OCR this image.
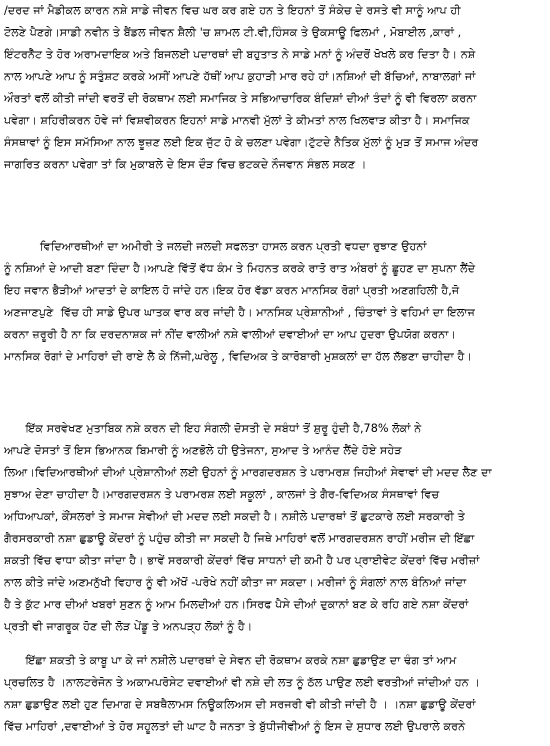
/ਦਰਦ ਜਾਂ ਮੈਡੀਕਲ ਕਾਰਨ ਨਸ਼ੇ ਸਾਡੇ ਜੀਵਨ ਵਿਚ ਘਰ ਕਰ ਗਏ ਹਨ ਤੇ ਇਹਨਾਂ ਤੋਂ ਸੰਕੇਚ ਦੇ ਰਸਤੇ ਵੀ ਸਾਨੂੰ ਆਪ ਹੀ
ਟੋਲਣੇ ਪੈਣਗੇ।ਸਾਡੀ ਨਵੀਨ ਤੇ ਬੈਂਡਲ ਜੀਵਨ ਸ਼ੈਲੀ 'ਚ ਸ਼ਾਮਲ ਟੀ.ਵੀ,ਹਿੰਸਕ ਤੇ ਉਕਸਾਊ ਫਿਲਮਾਂ , ਮੋਬਾਈਲ ,ਕਾਰਾਂ ,
ਇੰਟਰਨੈੱਟ ਤੇ ਹੋਰ ਅਰਾਮਦਾਇਕ ਅਤੇ ਬਿਜਲਈ ਪਦਾਰਥਾਂ ਦੀ ਬਹੁਤਾਤ ਨੇ ਸਾਡੇ ਮਨਾਂ ਨੂੰ ਅੰਦਰੋਂ ਖੋਖਲੇ ਕਰ ਦਿਤਾ ਹੈ। ਨਸ਼ੇ
ਨਾਲ ਆਪਣੇ ਆਪ ਨੂੰ ਸਤੁੰਸ਼ਟ ਕਰਕੇ ਅਸੀਂ ਆਪਣੇ ਹੱਥੀਂ ਆਪ ਕੁਹਾੜੀ ਮਾਰ ਰਹੇ ਹਾਂ।ਨਸ਼ਿਆਂ ਦੀ ਬੱਚਿਆਂ, ਨਾਬਾਲਗਾਂ ਜਾਂ
ਔਰਤਾਂ ਵਲੋਂ ਕੀਤੀ ਜਾਂਦੀ ਵਰਤੋਂ ਦੀ ਰੋਕਥਾਮ ਲਈ ਸਮਾਜਿਕ ਤੇ ਸਭਿਆਚਾਰਿਕ ਬੰਦਿਸ਼ਾਂ ਦੀਆਂ ਤੰਦਾਂ ਨੂੰ ਵੀ ਵਿਰਲਾ ਕਰਨਾ
ਪਵੇਗਾ। ਸ਼ਹਿਰੀਕਰਨ ਹੋਵੇ ਜਾਂ ਵਿਸ਼ਵੀਕਰਨ ਇਹਨਾਂ ਸਾਡੇ ਮਾਨਵੀ ਮੁੱਲਾਂ ਤੇ ਕੀਮਤਾਂ ਨਾਲ ਖਿਲਵਾੜ ਕੀਤਾ ਹੈ। ਸਮਾਜਿਕ
ਸੰਸਥਾਵਾਂ ਨੂੰ ਇਸ ਸਮੱਸਿਆ ਨਾਲ ਝੂਜ਼ਣ ਲਈ ਇਕ ਜੁੱਟ ਹੋ ਕੇ ਚਲਣਾ ਪਵੇਗਾ।ਟੁੱਟਦੇ ਨੈਤਿਕ ਮੁੱਲਾਂ ਨੂੰ ਮੁੜ ਤੋਂ ਸਮਾਜ ਅੰਦਰ
ਜਾਗਰਿਤ ਕਰਨਾ ਪਵੇਗਾ ਤਾਂ ਕਿ ਮੁਕਾਬਲੇ ਦੇ ਇਸ ਦੌੜ ਵਿਚ ਭਟਕਦੇ ਨੌਜਵਾਨ ਸੰਭਲ ਸਕਣ ।
ਵਿਦਿਆਰਥੀਆਂ ਦਾ ਅਮੀਰੀ ਤੇ ਜਲਦੀ ਜਲਦੀ ਸਫਲਤਾ ਹਾਸਲ ਕਰਨ ਪ੍ਰਤੀ ਵਧਦਾ ਰੁਝਾਣ ਉਹਨਾਂ
ਨੂੰ ਨਸ਼ਿਆਂ ਦੇ ਆਦੀ ਬਣਾ ਦਿੰਦਾ ਹੈ।ਆਪਣੇ ਵਿੱਤੋਂ ਵੱਧ ਕੰਮ ਤੇ ਮਿਹਨਤ ਕਰਕੇ ਰਾਤੋ ਰਾਤ ਅੰਬਰਾਂ ਨੂੰ ਛੂਹਣ ਦਾ ਸੁਪਨਾ ਲੈਂਦੇ
ਇਹ ਜਵਾਨ ਭੈੜੀਆਂ ਆਦਤਾਂ ਦੇ ਕਾਇਲ ਹੋ ਜਾਂਦੇ ਹਨ।ਇਕ ਹੋਰ ਵੱਡਾ ਕਰਨ ਮਾਨਸਿਕ ਰੋਗਾਂ ਪ੍ਰਤੀ ਅਣਗਹਿਲੀ ਹੈ,ਜੋ
ਅਣਜਾਣਪੁਣੇ  ਵਿੱਚ ਹੀ ਸਾਡੇ ਉਪਰ ਘਾਤਕ ਵਾਰ ਕਰ ਜਾਂਦੀ ਹੈ। ਮਾਨਸਿਕ ਪ੍ਰੇਸ਼ਾਨੀਆਂ , ਚਿੰਤਾਵਾਂ ਤੇ ਵਹਿਮਾਂ ਦਾ ਇਲਾਜ
ਕਰਨਾ ਜ਼ਰੂਰੀ ਹੈ ਨਾ ਕਿ ਦਰਦਨਾਸ਼ਕ ਜਾਂ ਨੀਂਦ ਵਾਲੀਆਂ ਨਸ਼ੇ ਵਾਲੀਆਂ ਦਵਾਈਆਂ ਦਾ ਆਪ ਹੁਦਰਾ ਉਪਯੋਗ ਕਰਨਾ।
ਮਾਨਸਿਕ ਰੋਗਾਂ ਦੇ ਮਾਹਿਰਾਂ ਦੀ ਰਾਏ ਲੈ ਕੇ ਨਿੱਜੀ,ਘਰੇਲੂ , ਵਿਦਿਅਕ ਤੇ ਕਾਰੋਬਾਰੀ ਮੁਸ਼ਕਲਾਂ ਦਾ ਹੱਲ ਲੱਭਣਾ ਚਾਹੀਦਾ ਹੈ।
ਇੱਕ ਸਰਵੇਖਣ ਮੁਤਾਬਿਕ ਨਸ਼ੇ ਕਰਨ ਦੀ ਇਹ ਸੰਗਲੀ ਦੋਸਤੀ ਦੇ ਸਬੰਧਾਂ ਤੋਂ ਸ਼ੁਰੂ ਹੁੰਦੀ ਹੈ,78% ਲੋਕਾਂ ਨੇ
ਆਪਣੇ ਦੋਸਤਾਂ ਤੋਂ ਇਸ ਭਿਆਨਕ ਬਿਮਾਰੀ ਨੂੰ ਅਣਭੋਲੇ ਹੀ ਉਤੇਜਨਾ, ਸੁਆਦ ਤੇ ਆਨੰਦ ਲੈਂਦੇ ਹੋਏ ਸਹੇੜ
ਲਿਆ।ਵਿਦਿਆਰਥੀਆਂ ਦੀਆਂ ਪ੍ਰੇਸ਼ਾਨੀਆਂ ਲਈ ਉਹਨਾਂ ਨੂੰ ਮਾਰਗਦਰਸ਼ਨ ਤੇ ਪਰਾਮਰਸ਼ ਜਿਹੀਆਂ ਸੇਵਾਵਾਂ ਦੀ ਮਦਦ ਲੈਣ ਦਾ
ਸੁਝਾਅ ਦੇਣਾ ਚਾਹੀਦਾ ਹੈ।ਮਾਰਗਦਰਸ਼ਨ ਤੇ ਪਰਾਮਰਸ਼ ਲਈ ਸਕੂਲਾਂ , ਕਾਲਜਾਂ ਤੇ ਗੈਰ-ਵਿਦਿਅਕ ਸੰਸਥਾਵਾਂ ਵਿਚ
ਅਧਿਆਪਕਾਂ, ਕੌਂਸਲਰਾਂ ਤੇ ਸਮਾਜ ਸੇਵੀਆਂ ਦੀ ਮਦਦ ਲਈ ਸਕਦੀ ਹੈ। ਨਸ਼ੀਲੇ ਪਦਾਰਥਾਂ ਤੋਂ ਛੁਟਕਾਰੇ ਲਈ ਸਰਕਾਰੀ ਤੇ
ਗੈਰਸਰਕਾਰੀ ਨਸ਼ਾ ਛੁਡਾਊ ਕੇਂਦਰਾਂ ਨੂੰ ਪਹੁੰਚ ਕੀਤੀ ਜਾ ਸਕਦੀ ਹੈ ਜਿਥੇ ਮਾਹਿਰਾਂ ਵਲੋਂ ਮਾਰਗਦਰਸ਼ਨ ਰਾਹੀਂ ਮਰੀਜ ਦੀ ਇੱਛਾ
ਸ਼ਕਤੀ ਵਿੱਚ ਵਾਧਾ ਕੀਤਾ ਜਾਂਦਾ ਹੈ। ਭਾਵੇਂ ਸਰਕਾਰੀ ਕੇਂਦਰਾਂ ਵਿੱਚ ਸਾਧਨਾਂ ਦੀ ਕਮੀ ਹੈ ਪਰ ਪ੍ਰਾਈਵੇਟ ਕੇਂਦਰਾਂ ਵਿੱਚ ਮਰੀਜ਼ਾਂ
ਨਾਲ ਕੀਤੇ ਜਾਂਦੇ ਅਣਮਨੁੱਖੀ ਵਿਹਾਰ ਨੂੰ ਵੀ ਅੱਖੋਂ -ਪਰੋਖੇ ਨਹੀਂ ਕੀਤਾ ਜਾ ਸਕਦਾ। ਮਰੀਜਾਂ ਨੂੰ ਸੰਗਲਾਂ ਨਾਲ ਬੰਨਿਆਂ ਜਾਂਦਾ
ਹੈ ਤੇ ਕੁੱਟ ਮਾਰ ਦੀਆਂ ਖਬਰਾਂ ਸੁਣਨ ਨੂੰ ਆਮ ਮਿਲਦੀਆਂ ਹਨ।ਸਿਰਫ ਪੈਸੇ ਦੀਆਂ ਦੁਕਾਨਾਂ ਬਣ ਕੇ ਰਹਿ ਗਏ ਨਸ਼ਾ ਕੇਂਦਰਾਂ
ਪ੍ਰਤੀ ਵੀ ਜਾਗਰੂਕ ਹੋਣ ਦੀ ਲੋੜ ਪੇਂਡੂ ਤੇ ਅਨਪੜ੍ਹ ਲੋਕਾਂ ਨੂੰ ਹੈ।
ਇੱਛਾ ਸ਼ਕਤੀ ਤੇ ਕਾਬੂ ਪਾ ਕੇ ਜਾਂ ਨਸ਼ੀਲੇ ਪਦਾਰਥਾਂ ਦੇ ਸੇਵਨ ਦੀ ਰੋਕਥਾਮ ਕਰਕੇ ਨਸ਼ਾ ਛੁਡਾਉਣ ਦਾ ਢੰਗ ਤਾਂ ਆਮ
ਪ੍ਰਚਲਿਤ ਹੈ ।ਨਾਲਟਰੇਜੋਨ ਤੇ ਅਕਾਮਪਰੋਸੇਟ ਦਵਾਈਆਂ ਵੀ ਨਸ਼ੇ ਦੀ ਲਤ ਨੂੰ ਠੱਲ ਪਾਉਣ ਲਈ ਵਰਤੀਆਂ ਜਾਂਦੀਆਂ ਹਨ ।
ਨਸ਼ਾ ਛੁਡਾਉਣ ਲਈ ਹੁਣ ਦਿਮਾਗ ਦੇ ਸਬਥੈਲਾਮਸ ਨਿਊਕਲਿਅਸ ਦੀ ਸਰਜਰੀ ਵੀ ਕੀਤੀ ਜਾਂਦੀ ਹੈ । ।ਨਸ਼ਾ ਛੁਡਾਊ ਕੇਂਦਰਾਂ
ਵਿੱਚ ਮਾਹਿਰਾਂ ,ਦਵਾਈਆਂ ਤੇ ਹੋਰ ਸਹੂਲਤਾਂ ਦੀ ਘਾਟ ਹੈ ਜਨਤਾ ਤੇ ਬੁੱਧੀਜੀਵੀਆਂ ਨੂੰ ਇਸ ਦੇ ਸੁਧਾਰ ਲਈ ਉਪਰਾਲੇ ਕਰਨੇ
